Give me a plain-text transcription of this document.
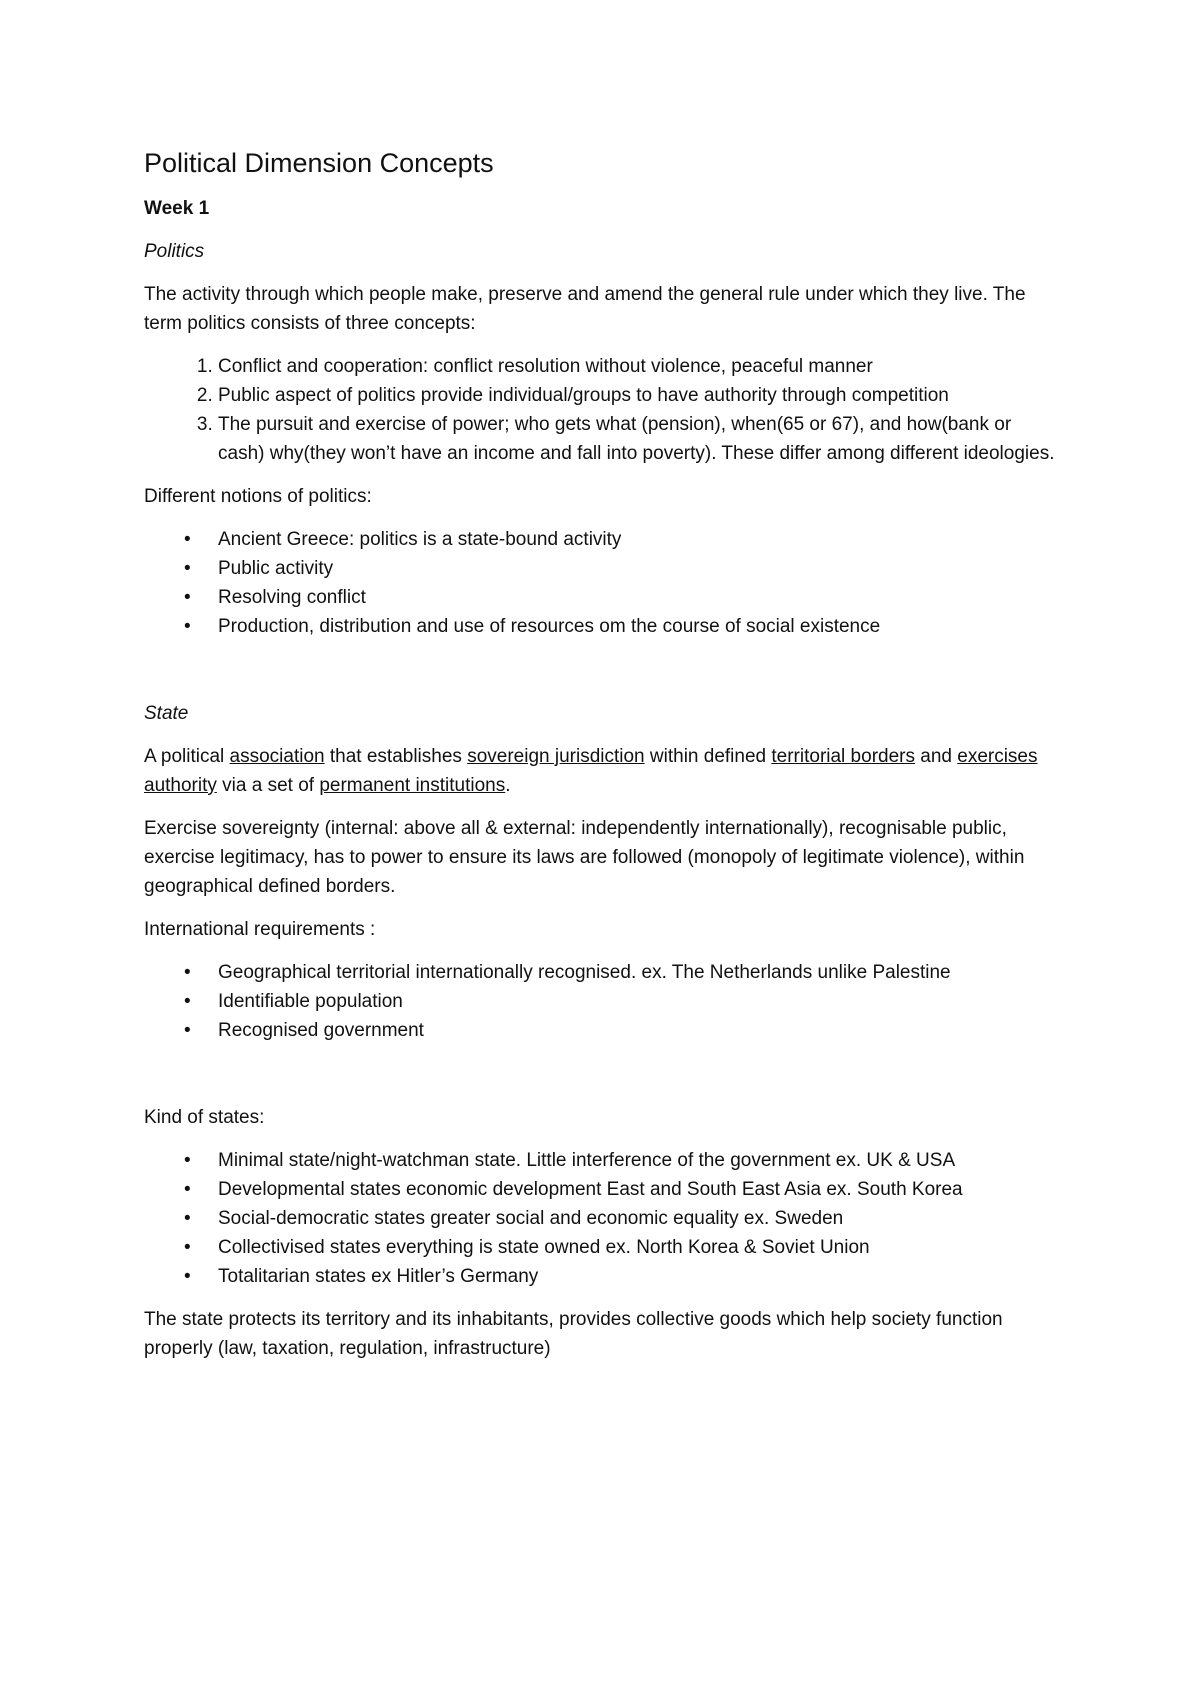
Political Dimension Concepts

Week 1

Politics

The activity through which people make, preserve and amend the general rule under which they live. The term politics consists of three concepts:

1. Conflict and cooperation: conflict resolution without violence, peaceful manner
2. Public aspect of politics provide individual/groups to have authority through competition
3. The pursuit and exercise of power; who gets what (pension), when(65 or 67), and how(bank or cash) why(they won’t have an income and fall into poverty). These differ among different ideologies.

Different notions of politics:

• Ancient Greece: politics is a state-bound activity
• Public activity
• Resolving conflict
• Production, distribution and use of resources om the course of social existence

State

A political association that establishes sovereign jurisdiction within defined territorial borders and exercises authority via a set of permanent institutions.

Exercise sovereignty (internal: above all & external: independently internationally), recognisable public, exercise legitimacy, has to power to ensure its laws are followed (monopoly of legitimate violence), within geographical defined borders.

International requirements :

• Geographical territorial internationally recognised. ex. The Netherlands unlike Palestine
• Identifiable population
• Recognised government

Kind of states:

• Minimal state/night-watchman state. Little interference of the government ex. UK & USA
• Developmental states economic development East and South East Asia ex. South Korea
• Social-democratic states greater social and economic equality ex. Sweden
• Collectivised states everything is state owned ex. North Korea & Soviet Union
• Totalitarian states ex Hitler’s Germany

The state protects its territory and its inhabitants, provides collective goods which help society function properly (law, taxation, regulation, infrastructure)
